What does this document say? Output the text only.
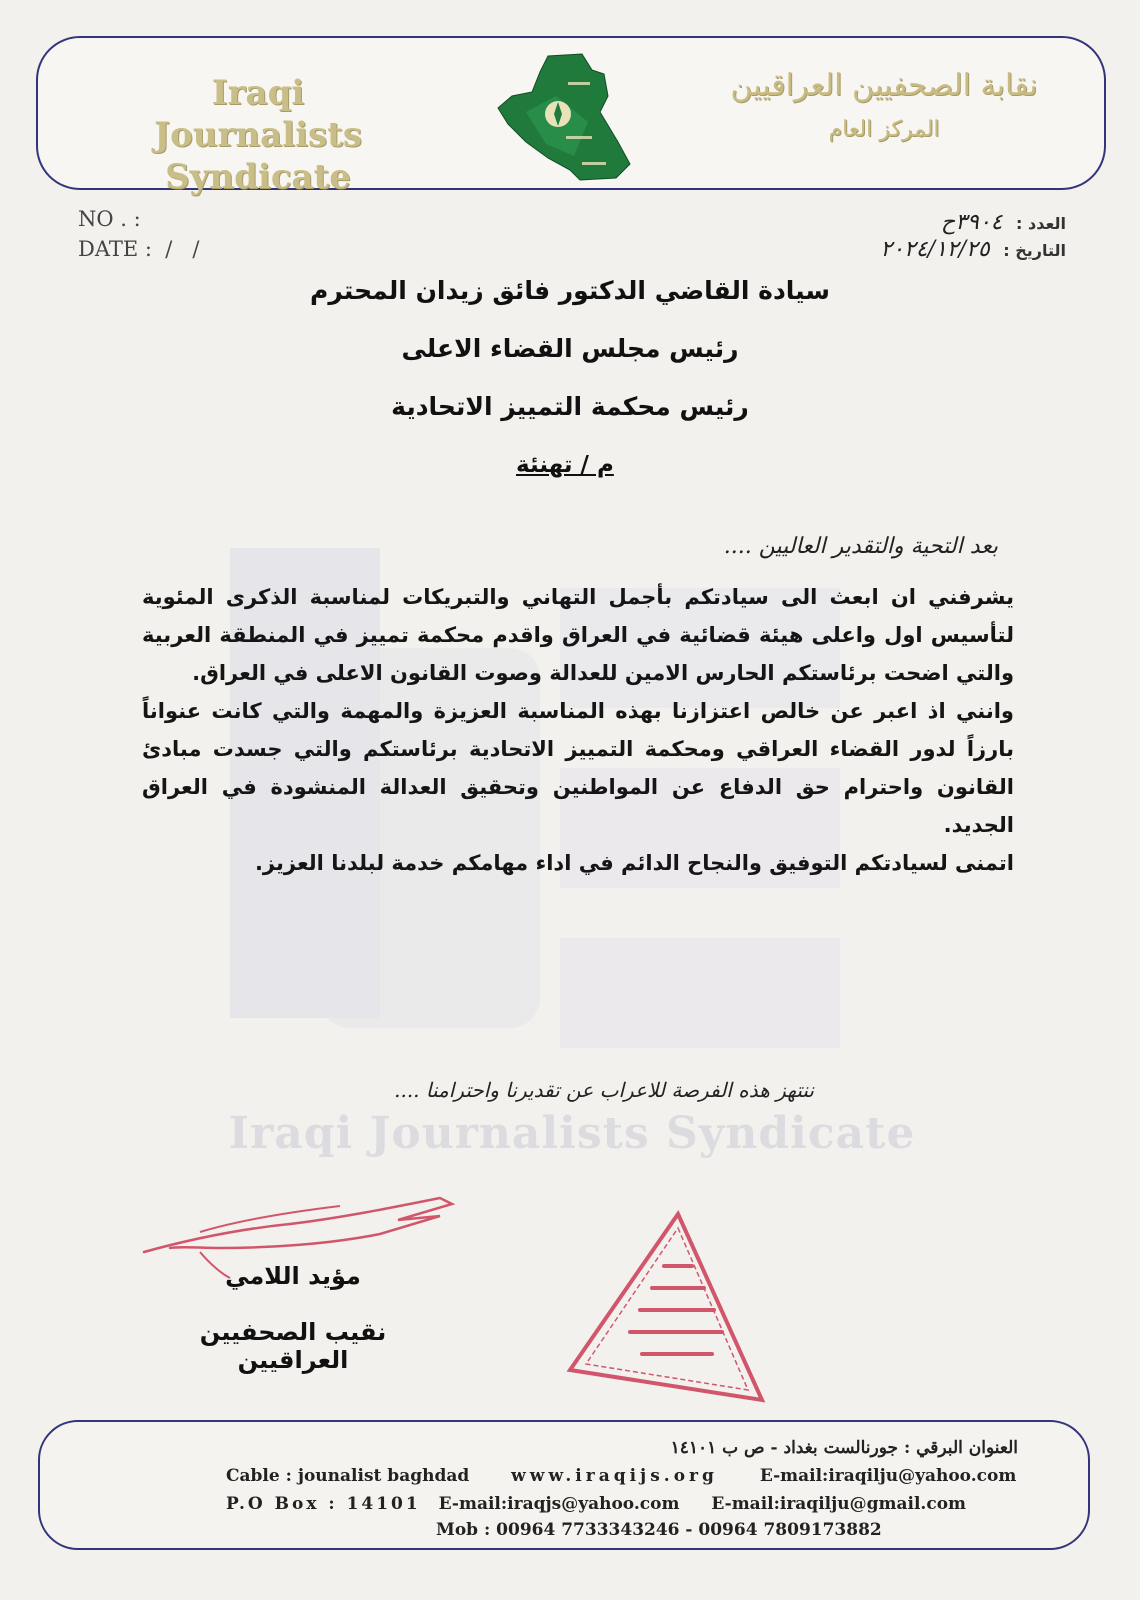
Iraqi
Journalists Syndicate
نقابة الصحفيين العراقيين
المركز العام
NO . :
DATE :  /   /
العدد : ٣٩٠٤ح
التاريخ : ٢٠٢٤/١٢/٢٥
Iraqi Journalists Syndicate
سيادة القاضي الدكتور فائق زيدان المحترم
رئيس مجلس القضاء الاعلى
رئيس محكمة التمييز الاتحادية
م / تهنئة
بعد التحية والتقدير العاليين ....

يشرفني ان ابعث الى سيادتكم بأجمل التهاني والتبريكات لمناسبة الذكرى المئوية لتأسيس اول واعلى هيئة قضائية في العراق واقدم محكمة تمييز في المنطقة العربية والتي اضحت برئاستكم الحارس الامين للعدالة وصوت القانون الاعلى في العراق.

وانني اذ اعبر عن خالص اعتزازنا بهذه المناسبة العزيزة والمهمة والتي كانت عنواناً بارزاً لدور القضاء العراقي ومحكمة التمييز الاتحادية برئاستكم والتي جسدت مبادئ القانون واحترام حق الدفاع عن المواطنين وتحقيق العدالة المنشودة في العراق الجديد.

اتمنى لسيادتكم التوفيق والنجاح الدائم في اداء مهامكم خدمة لبلدنا العزيز.

ننتهز هذه الفرصة للاعراب عن تقديرنا واحترامنا ....
مؤيد اللامي
نقيب الصحفيين العراقيين
العنوان البرقي : جورنالست بغداد - ص ب ١٤١٠١
Cable : jounalist baghdad www.iraqijs.org E-mail:iraqilju@yahoo.com
P.O Box : 14101 E-mail:iraqjs@yahoo.com E-mail:iraqilju@gmail.com
Mob : 00964 7733343246 - 00964 7809173882
